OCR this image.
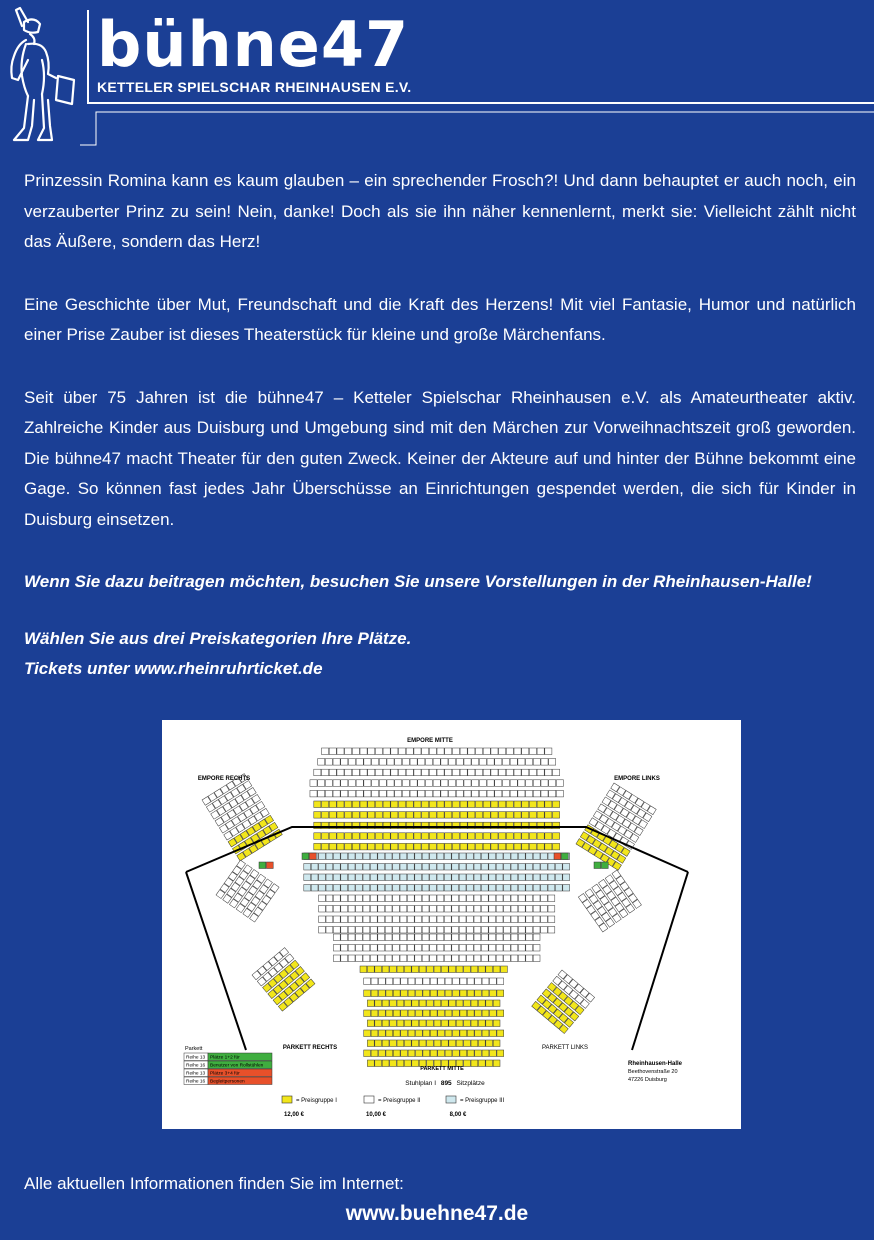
bühne47
KETTELER SPIELSCHAR RHEINHAUSEN E.V.

Prinzessin Romina kann es kaum glauben – ein sprechender Frosch?! Und dann behauptet er auch noch, ein verzauberter Prinz zu sein! Nein, danke! Doch als sie ihn näher kennenlernt, merkt sie: Vielleicht zählt nicht das Äußere, sondern das Herz!

Eine Geschichte über Mut, Freundschaft und die Kraft des Herzens! Mit viel Fantasie, Humor und natürlich einer Prise Zauber ist dieses Theaterstück für kleine und große Märchenfans.

Seit über 75 Jahren ist die bühne47 – Ketteler Spielschar Rheinhausen e.V. als Amateurtheater aktiv. Zahlreiche Kinder aus Duisburg und Umgebung sind mit den Märchen zur Vorweihnachtszeit groß geworden. Die bühne47 macht Theater für den guten Zweck. Keiner der Akteure auf und hinter der Bühne bekommt eine Gage. So können fast jedes Jahr Überschüsse an Einrichtungen gespendet werden, die sich für Kinder in Duisburg einsetzen.

Wenn Sie dazu beitragen möchten, besuchen Sie unsere Vorstellungen in der Rheinhausen-Halle!

Wählen Sie aus drei Preiskategorien Ihre Plätze.
Tickets unter www.rheinruhrticket.de

EMPORE MITTE
EMPORE RECHTS	EMPORE LINKS
PARKETT RECHTS	PARKETT LINKS
PARKETT MITTE
Stuhlplan I 895 Sitzplätze
Rheinhausen-Halle
Beethovenstraße 20
47226 Duisburg
Parkett
Reihe 13 Plätze 1+2 für
Reihe 16 Benutzer von Rollstühlen
Reihe 13 Plätze 3+4 für
Reihe 16 Begleitpersonen
= Preisgruppe I
12,00 €
= Preisgruppe II
10,00 €
= Preisgruppe III
8,00 €
Alle aktuellen Informationen finden Sie im Internet:
www.buehne47.de
